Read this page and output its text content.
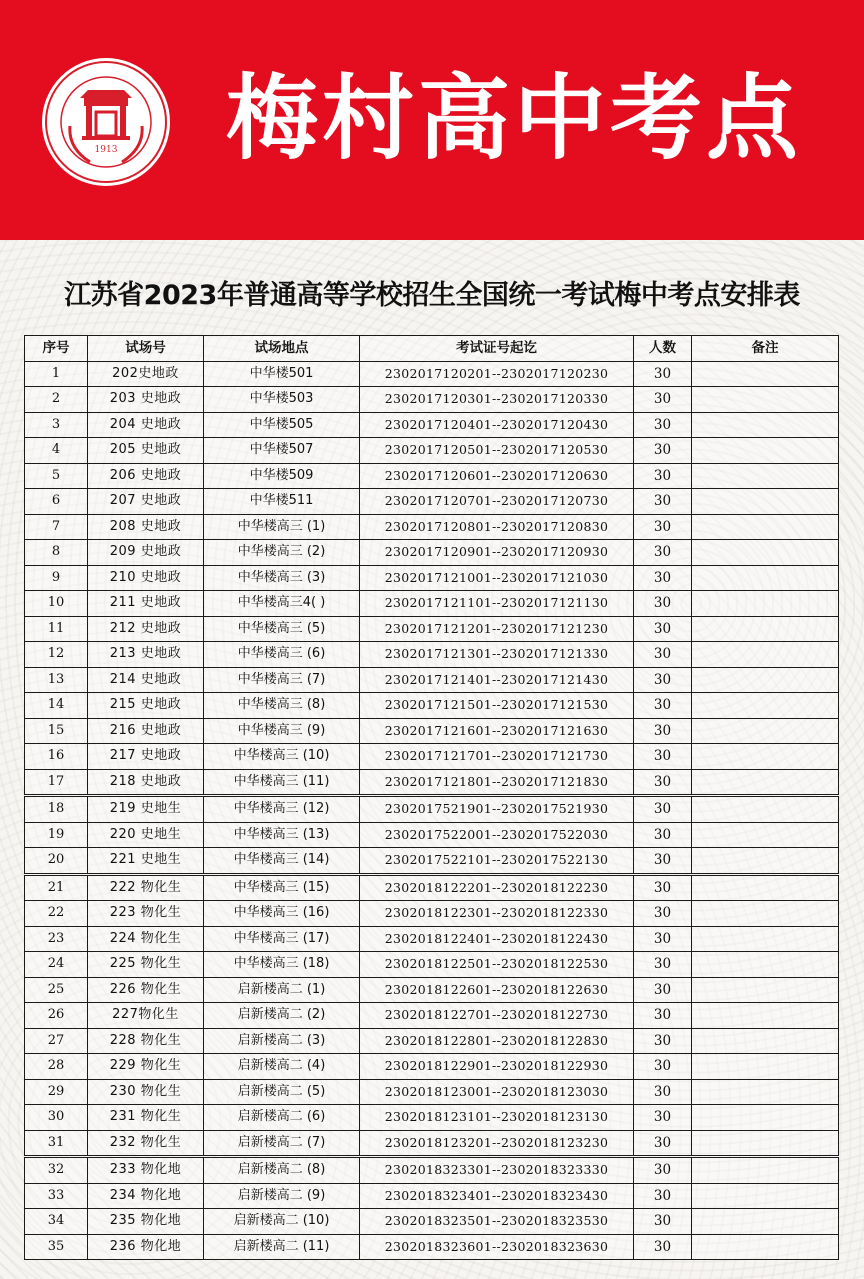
1913 梅村高中考点
江苏省2023年普通高等学校招生全国统一考试梅中考点安排表
序号	试场号	试场地点	考试证号起讫	人数	备注
1	202史地政	中华楼501	2302017120201--2302017120230	30	
2	203 史地政	中华楼503	2302017120301--2302017120330	30	
3	204 史地政	中华楼505	2302017120401--2302017120430	30	
4	205 史地政	中华楼507	2302017120501--2302017120530	30	
5	206 史地政	中华楼509	2302017120601--2302017120630	30	
6	207 史地政	中华楼511	2302017120701--2302017120730	30	
7	208 史地政	中华楼高三 (1)	2302017120801--2302017120830	30	
8	209 史地政	中华楼高三 (2)	2302017120901--2302017120930	30	
9	210 史地政	中华楼高三 (3)	2302017121001--2302017121030	30	
10	211 史地政	中华楼高三4( )	2302017121101--2302017121130	30	
11	212 史地政	中华楼高三 (5)	2302017121201--2302017121230	30	
12	213 史地政	中华楼高三 (6)	2302017121301--2302017121330	30	
13	214 史地政	中华楼高三 (7)	2302017121401--2302017121430	30	
14	215 史地政	中华楼高三 (8)	2302017121501--2302017121530	30	
15	216 史地政	中华楼高三 (9)	2302017121601--2302017121630	30	
16	217 史地政	中华楼高三 (10)	2302017121701--2302017121730	30	
17	218 史地政	中华楼高三 (11)	2302017121801--2302017121830	30	
18	219 史地生	中华楼高三 (12)	2302017521901--2302017521930	30	
19	220 史地生	中华楼高三 (13)	2302017522001--2302017522030	30	
20	221 史地生	中华楼高三 (14)	2302017522101--2302017522130	30	
21	222 物化生	中华楼高三 (15)	2302018122201--2302018122230	30	
22	223 物化生	中华楼高三 (16)	2302018122301--2302018122330	30	
23	224 物化生	中华楼高三 (17)	2302018122401--2302018122430	30	
24	225 物化生	中华楼高三 (18)	2302018122501--2302018122530	30	
25	226 物化生	启新楼高二 (1)	2302018122601--2302018122630	30	
26	227物化生	启新楼高二 (2)	2302018122701--2302018122730	30	
27	228 物化生	启新楼高二 (3)	2302018122801--2302018122830	30	
28	229 物化生	启新楼高二 (4)	2302018122901--2302018122930	30	
29	230 物化生	启新楼高二 (5)	2302018123001--2302018123030	30	
30	231 物化生	启新楼高二 (6)	2302018123101--2302018123130	30	
31	232 物化生	启新楼高二 (7)	2302018123201--2302018123230	30	
32	233 物化地	启新楼高二 (8)	2302018323301--2302018323330	30	
33	234 物化地	启新楼高二 (9)	2302018323401--2302018323430	30	
34	235 物化地	启新楼高二 (10)	2302018323501--2302018323530	30	
35	236 物化地	启新楼高二 (11)	2302018323601--2302018323630	30	
